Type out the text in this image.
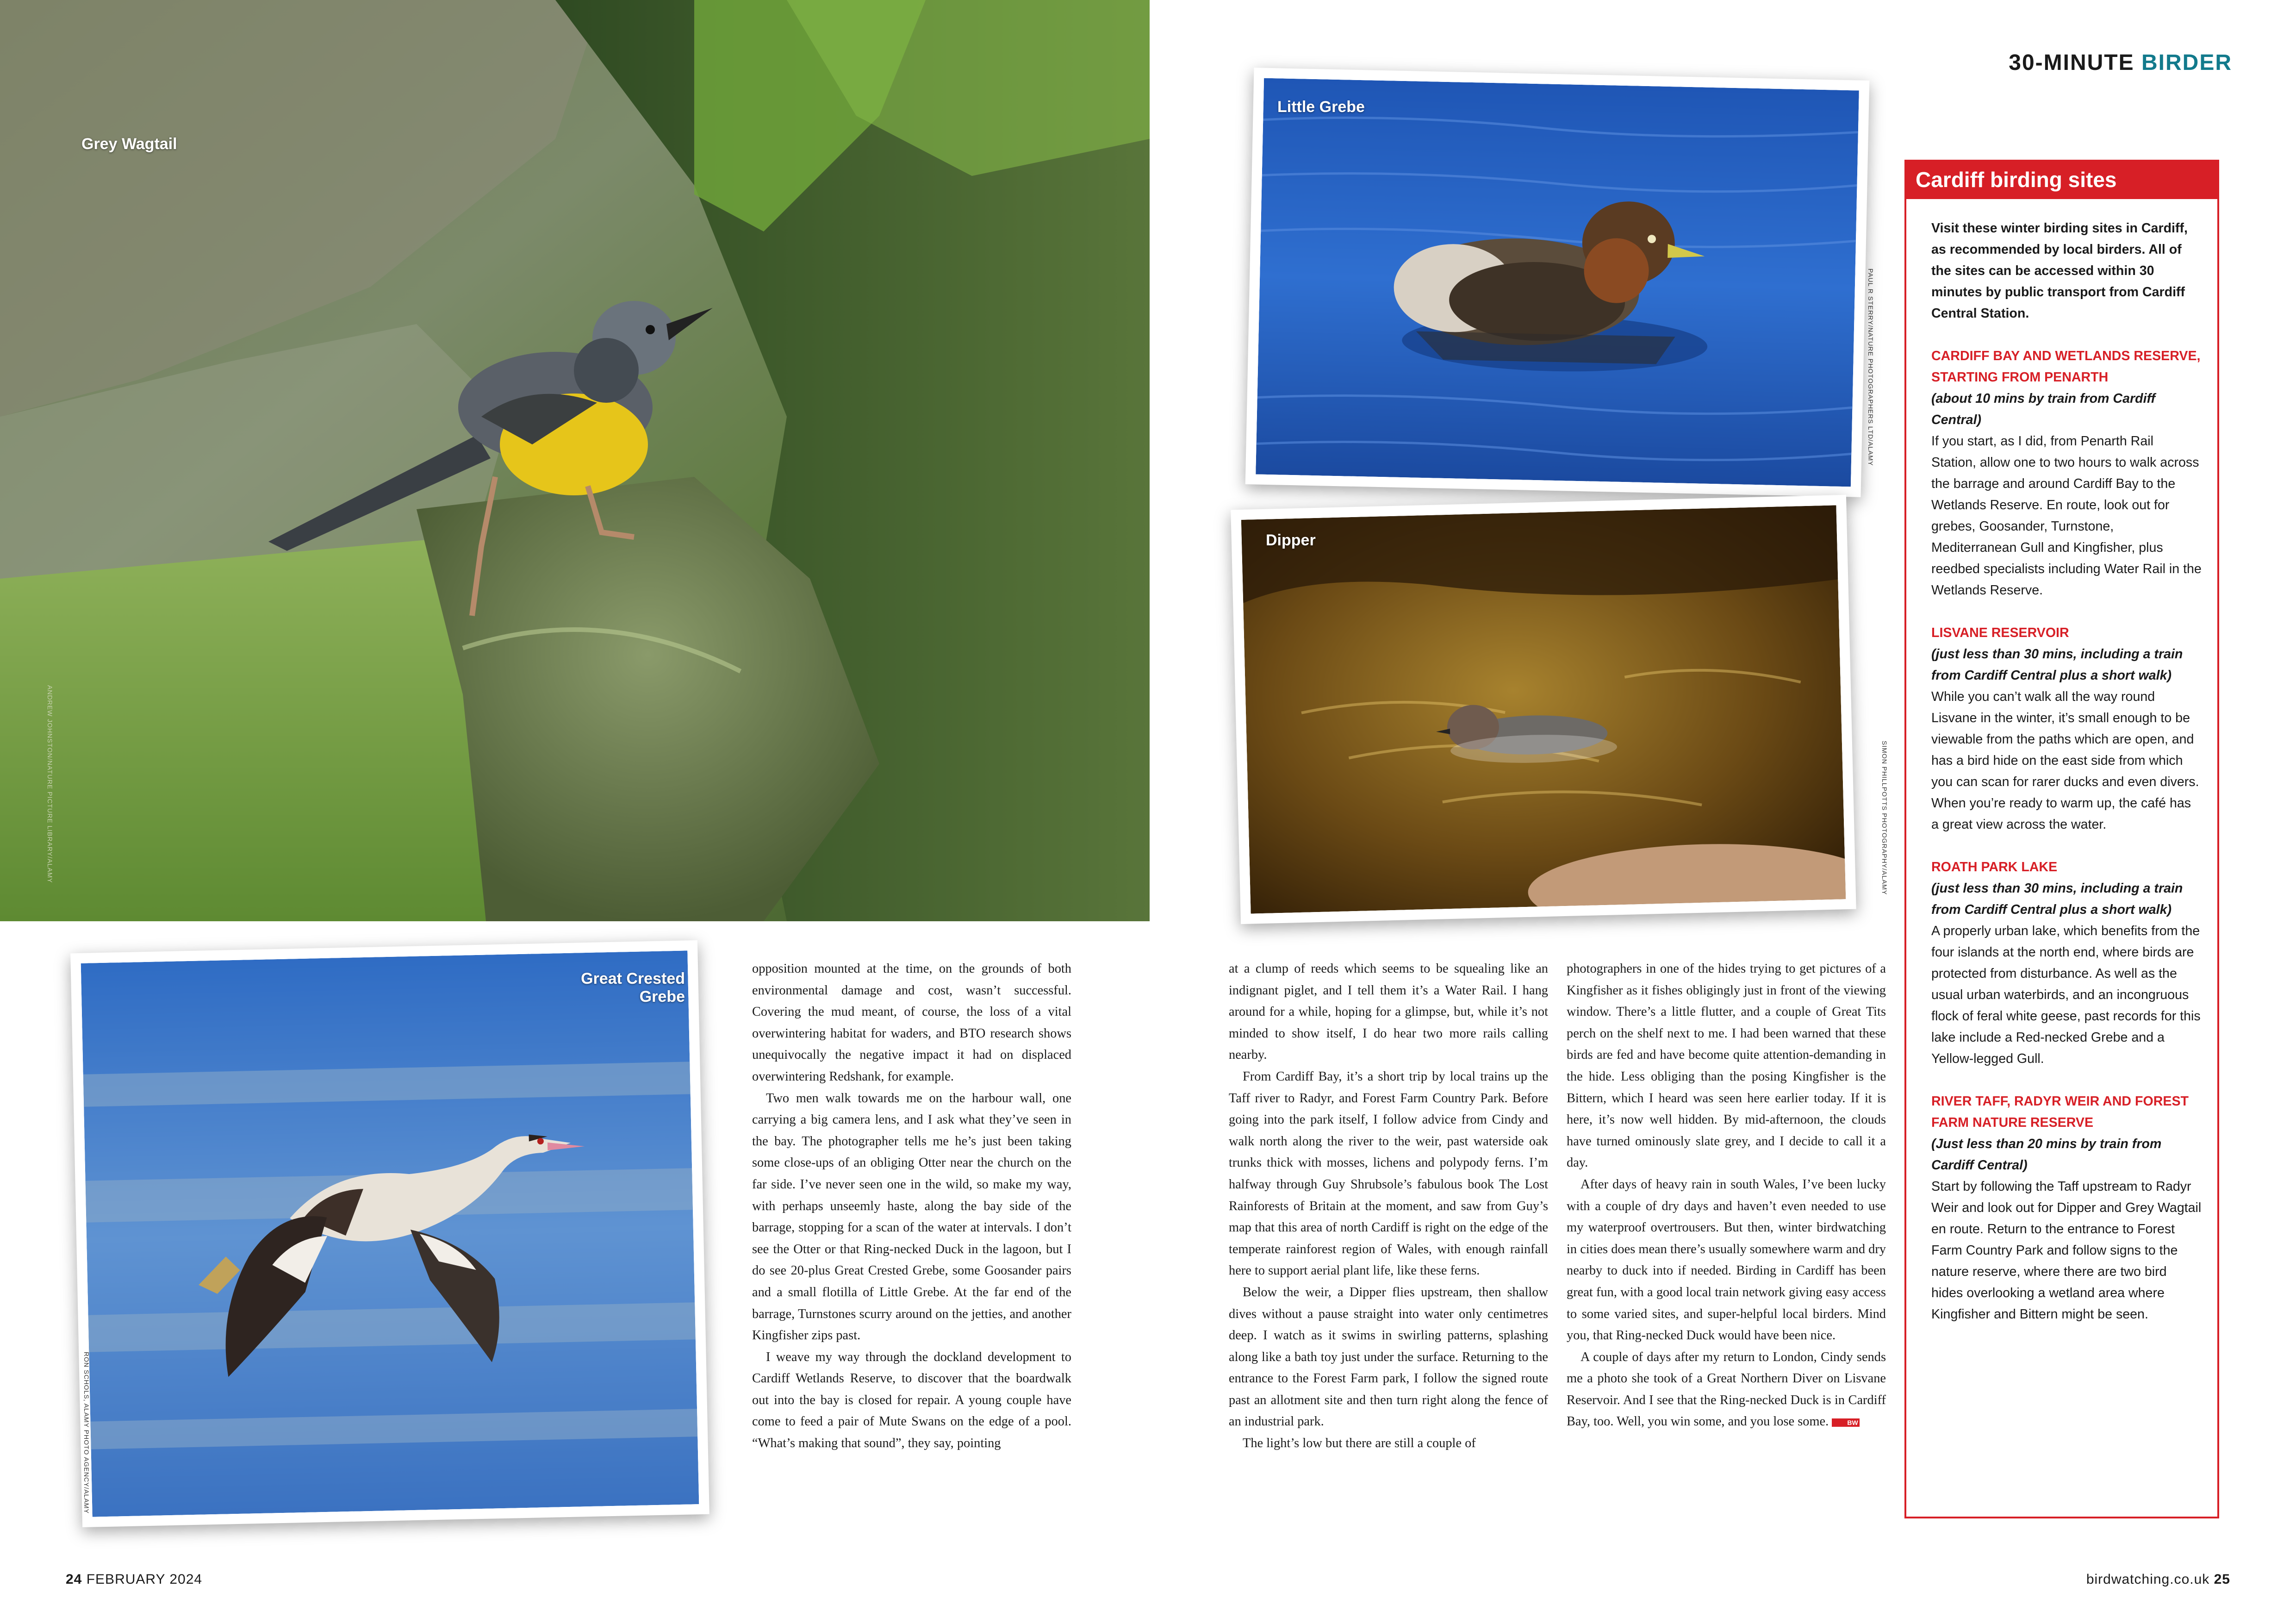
30-MINUTE BIRDER
Grey Wagtail
ANDREW JOHNSTON/NATURE PICTURE LIBRARY/ALAMY
Little Grebe
PAUL R STERRY/NATURE PHOTOGRAPHERS LTD/ALAMY
Dipper
SIMON PHILLPOTTS PHOTOGRAPHY/ALAMY
Great Crested
Grebe
RON SCHOLS, ALAMY PHOTO AGENCY/ALAMY

opposition mounted at the time, on the grounds of both environmental damage and cost, wasn’t successful. Covering the mud meant, of course, the loss of a vital overwintering habitat for waders, and BTO research shows unequivocally the negative impact it had on displaced overwintering Redshank, for example.

Two men walk towards me on the harbour wall, one carrying a big camera lens, and I ask what they’ve seen in the bay. The photographer tells me he’s just been taking some close-ups of an obliging Otter near the church on the far side. I’ve never seen one in the wild, so make my way, with perhaps unseemly haste, along the bay side of the barrage, stopping for a scan of the water at intervals. I don’t see the Otter or that Ring-necked Duck in the lagoon, but I do see 20-plus Great Crested Grebe, some Goosander pairs and a small flotilla of Little Grebe. At the far end of the barrage, Turnstones scurry around on the jetties, and another Kingfisher zips past.

I weave my way through the dockland development to Cardiff Wetlands Reserve, to discover that the boardwalk out into the bay is closed for repair. A young couple have come to feed a pair of Mute Swans on the edge of a pool. “What’s making that sound”, they say, pointing

at a clump of reeds which seems to be squealing like an indignant piglet, and I tell them it’s a Water Rail. I hang around for a while, hoping for a glimpse, but, while it’s not minded to show itself, I do hear two more rails calling nearby.

From Cardiff Bay, it’s a short trip by local trains up the Taff river to Radyr, and Forest Farm Country Park. Before going into the park itself, I follow advice from Cindy and walk north along the river to the weir, past waterside oak trunks thick with mosses, lichens and polypody ferns. I’m halfway through Guy Shrubsole’s fabulous book The Lost Rainforests of Britain at the moment, and saw from Guy’s map that this area of north Cardiff is right on the edge of the temperate rainforest region of Wales, with enough rainfall here to support aerial plant life, like these ferns.

Below the weir, a Dipper flies upstream, then shallow dives without a pause straight into water only centimetres deep. I watch as it swims in swirling patterns, splashing along like a bath toy just under the surface. Returning to the entrance to the Forest Farm park, I follow the signed route past an allotment site and then turn right along the fence of an industrial park.

The light’s low but there are still a couple of

photographers in one of the hides trying to get pictures of a Kingfisher as it fishes obligingly just in front of the viewing window. There’s a little flutter, and a couple of Great Tits perch on the shelf next to me. I had been warned that these birds are fed and have become quite attention-demanding in the hide. Less obliging than the posing Kingfisher is the Bittern, which I heard was seen here earlier today. If it is here, it’s now well hidden. By mid-afternoon, the clouds have turned ominously slate grey, and I decide to call it a day.

After days of heavy rain in south Wales, I’ve been lucky with a couple of dry days and haven’t even needed to use my waterproof overtrousers. But then, winter birdwatching in cities does mean there’s usually somewhere warm and dry nearby to duck into if needed. Birding in Cardiff has been great fun, with a good local train network giving easy access to some varied sites, and super-helpful local birders. Mind you, that Ring-necked Duck would have been nice.

A couple of days after my return to London, Cindy sends me a photo she took of a Great Northern Diver on Lisvane Reservoir. And I see that the Ring-necked Duck is in Cardiff Bay, too. Well, you win some, and you lose some.	BW

Cardiff birding sites

Visit these winter birding sites in Cardiff, as recommended by local birders. All of the sites can be accessed within 30 minutes by public transport from Cardiff Central Station.

CARDIFF BAY AND WETLANDS RESERVE, STARTING FROM PENARTH
(about 10 mins by train from Cardiff Central)

If you start, as I did, from Penarth Rail Station, allow one to two hours to walk across the barrage and around Cardiff Bay to the Wetlands Reserve. En route, look out for grebes, Goosander, Turnstone, Mediterranean Gull and Kingfisher, plus reedbed specialists including Water Rail in the Wetlands Reserve.

LISVANE RESERVOIR
(just less than 30 mins, including a train from Cardiff Central plus a short walk)

While you can’t walk all the way round Lisvane in the winter, it’s small enough to be viewable from the paths which are open, and has a bird hide on the east side from which you can scan for rarer ducks and even divers. When you’re ready to warm up, the café has a great view across the water.

ROATH PARK LAKE
(just less than 30 mins, including a train from Cardiff Central plus a short walk)

A properly urban lake, which benefits from the four islands at the north end, where birds are protected from disturbance. As well as the usual urban waterbirds, and an incongruous flock of feral white geese, past records for this lake include a Red-necked Grebe and a Yellow-legged Gull.

RIVER TAFF, RADYR WEIR AND FOREST FARM NATURE RESERVE
(Just less than 20 mins by train from Cardiff Central)

Start by following the Taff upstream to Radyr Weir and look out for Dipper and Grey Wagtail en route. Return to the entrance to Forest Farm Country Park and follow signs to the nature reserve, where there are two bird hides overlooking a wetland area where Kingfisher and Bittern might be seen.

24 FEBRUARY 2024	birdwatching.co.uk 25
